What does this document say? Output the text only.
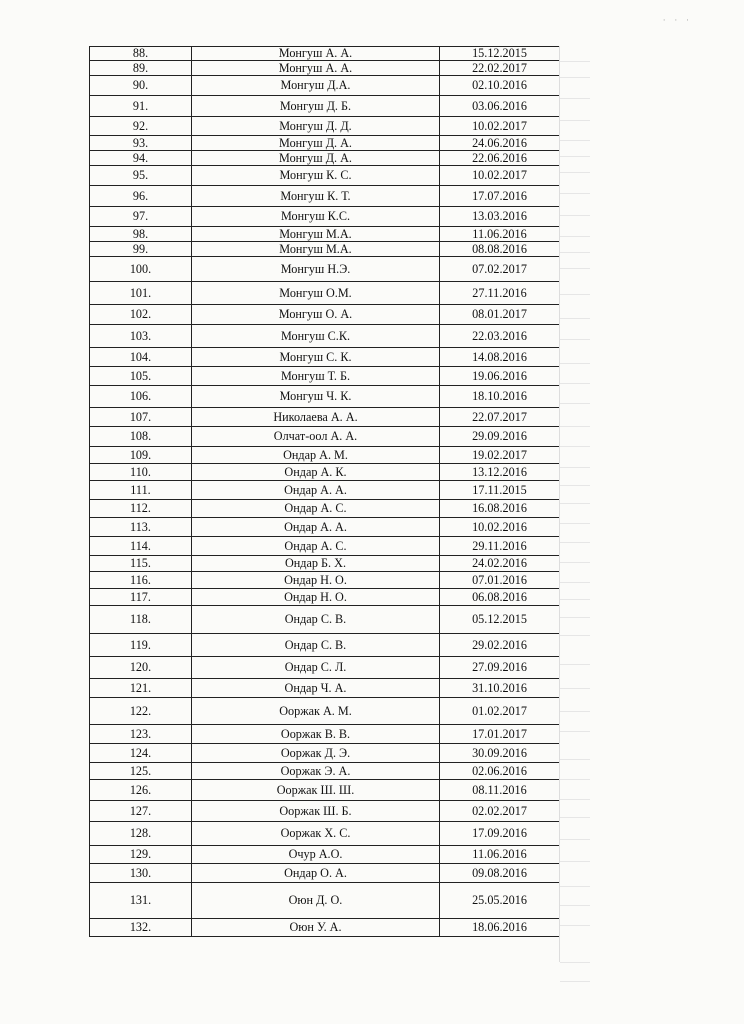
· · ·
88.	Монгуш А. А.	15.12.2015
89.	Монгуш А. А.	22.02.2017
90.	Монгуш Д.А.	02.10.2016
91.	Монгуш Д. Б.	03.06.2016
92.	Монгуш Д. Д.	10.02.2017
93.	Монгуш Д. А.	24.06.2016
94.	Монгуш Д. А.	22.06.2016
95.	Монгуш К. С.	10.02.2017
96.	Монгуш К. Т.	17.07.2016
97.	Монгуш К.С.	13.03.2016
98.	Монгуш М.А.	11.06.2016
99.	Монгуш М.А.	08.08.2016
100.	Монгуш Н.Э.	07.02.2017
101.	Монгуш О.М.	27.11.2016
102.	Монгуш О. А.	08.01.2017
103.	Монгуш С.К.	22.03.2016
104.	Монгуш С. К.	14.08.2016
105.	Монгуш Т. Б.	19.06.2016
106.	Монгуш Ч. К.	18.10.2016
107.	Николаева А. А.	22.07.2017
108.	Олчат-оол А. А.	29.09.2016
109.	Ондар А. М.	19.02.2017
110.	Ондар А. К.	13.12.2016
111.	Ондар А. А.	17.11.2015
112.	Ондар А. С.	16.08.2016
113.	Ондар А. А.	10.02.2016
114.	Ондар А. С.	29.11.2016
115.	Ондар Б. Х.	24.02.2016
116.	Ондар Н. О.	07.01.2016
117.	Ондар Н. О.	06.08.2016
118.	Ондар С. В.	05.12.2015
119.	Ондар С. В.	29.02.2016
120.	Ондар С. Л.	27.09.2016
121.	Ондар Ч. А.	31.10.2016
122.	Ооржак А. М.	01.02.2017
123.	Ооржак В. В.	17.01.2017
124.	Ооржак Д. Э.	30.09.2016
125.	Ооржак Э. А.	02.06.2016
126.	Ооржак Ш. Ш.	08.11.2016
127.	Ооржак Ш. Б.	02.02.2017
128.	Ооржак Х. С.	17.09.2016
129.	Очур А.О.	11.06.2016
130.	Ондар О. А.	09.08.2016
131.	Оюн Д. О.	25.05.2016
132.	Оюн У. А.	18.06.2016
